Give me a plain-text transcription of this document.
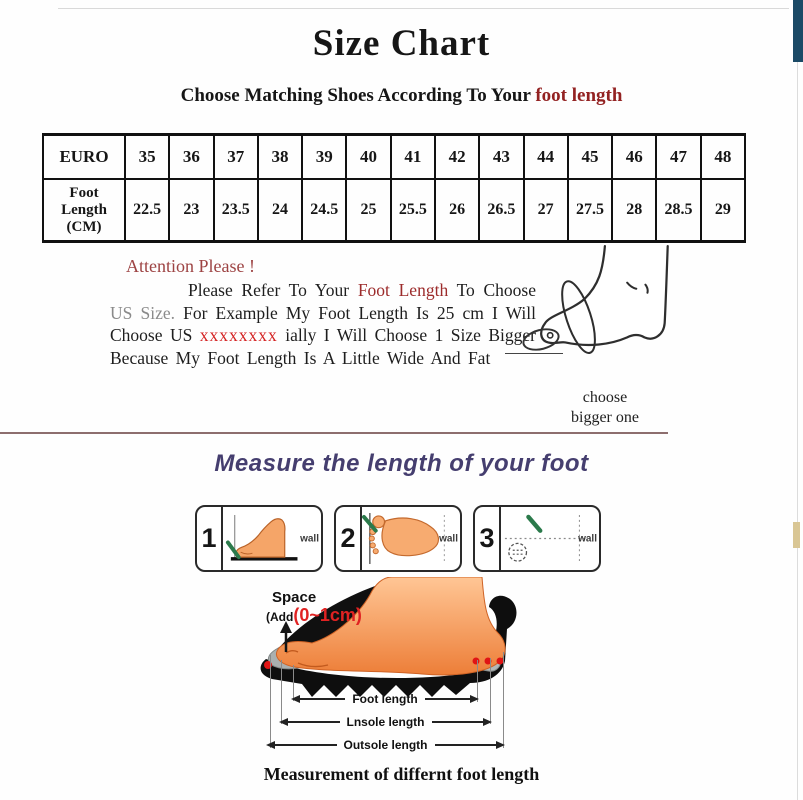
Size Chart
Choose Matching Shoes According To Your foot length
EURO	35	36	37	38	39	40	41	42	43	44	45	46	47	48

Foot
Length
(CM)	22.5	23	23.5	24	24.5	25	25.5	26	26.5	27	27.5	28	28.5	29
Attention Please !
Please Refer To Your Foot Length To Choose US Size. For Example My Foot Length Is 25 cm I Will Choose US xxxxxxxx ially I Will Choose 1 Size Bigger Because My Foot Length Is A Little Wide And Fat
choose
bigger one
Measure the length of your foot
1	wall 2	wall 3	wall
Space
(Add(0~1cm)
Foot length
Lnsole length
Outsole length
Measurement of differnt foot length
